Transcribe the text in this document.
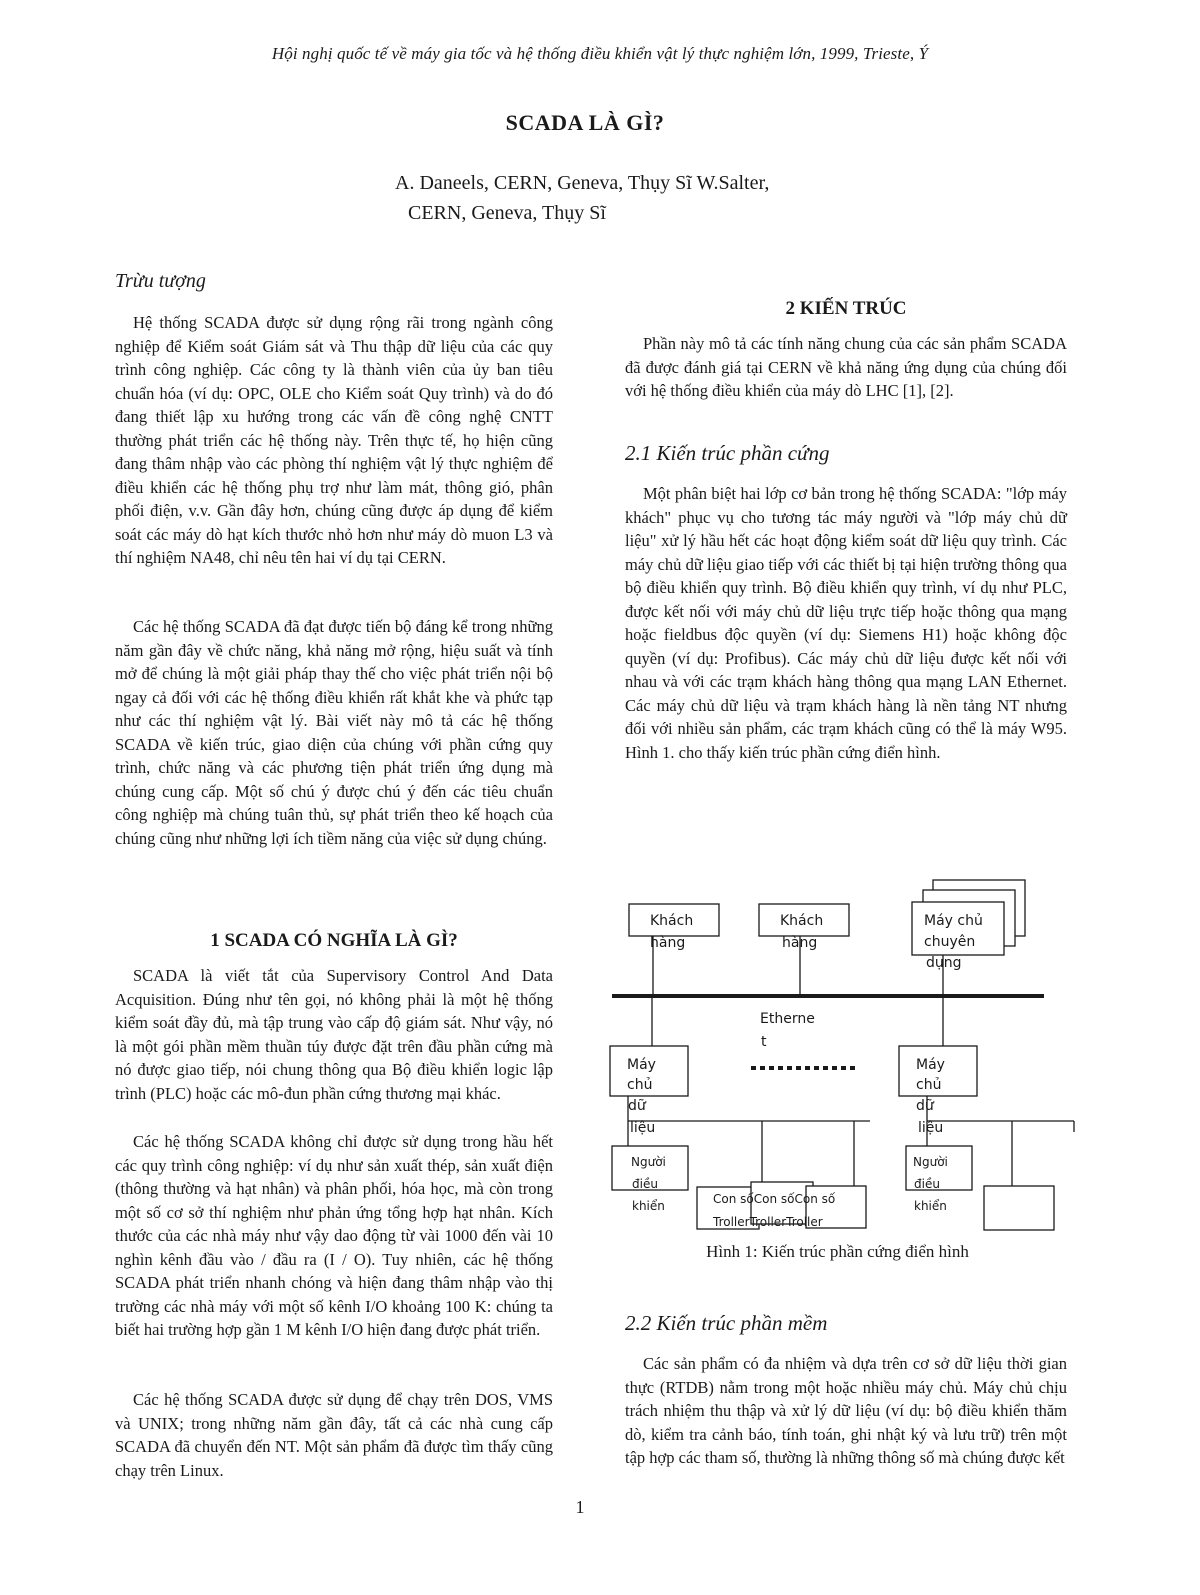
Hội nghị quốc tế về máy gia tốc và hệ thống điều khiển vật lý thực nghiệm lớn, 1999, Trieste, Ý
SCADA LÀ GÌ?
A. Daneels, CERN, Geneva, Thụy Sĩ W.Salter,
CERN, Geneva, Thụy Sĩ
Trừu tượng

Hệ thống SCADA được sử dụng rộng rãi trong ngành công nghiệp để Kiểm soát Giám sát và Thu thập dữ liệu của các quy trình công nghiệp. Các công ty là thành viên của ủy ban tiêu chuẩn hóa (ví dụ: OPC, OLE cho Kiểm soát Quy trình) và do đó đang thiết lập xu hướng trong các vấn đề công nghệ CNTT thường phát triển các hệ thống này. Trên thực tế, họ hiện cũng đang thâm nhập vào các phòng thí nghiệm vật lý thực nghiệm để điều khiển các hệ thống phụ trợ như làm mát, thông gió, phân phối điện, v.v. Gần đây hơn, chúng cũng được áp dụng để kiểm soát các máy dò hạt kích thước nhỏ hơn như máy dò muon L3 và thí nghiệm NA48, chỉ nêu tên hai ví dụ tại CERN.

Các hệ thống SCADA đã đạt được tiến bộ đáng kể trong những năm gần đây về chức năng, khả năng mở rộng, hiệu suất và tính mở để chúng là một giải pháp thay thế cho việc phát triển nội bộ ngay cả đối với các hệ thống điều khiển rất khắt khe và phức tạp như các thí nghiệm vật lý. Bài viết này mô tả các hệ thống SCADA về kiến trúc, giao diện của chúng với phần cứng quy trình, chức năng và các phương tiện phát triển ứng dụng mà chúng cung cấp. Một số chú ý được chú ý đến các tiêu chuẩn công nghiệp mà chúng tuân thủ, sự phát triển theo kế hoạch của chúng cũng như những lợi ích tiềm năng của việc sử dụng chúng.

1 SCADA CÓ NGHĨA LÀ GÌ?

SCADA là viết tắt của Supervisory Control And Data Acquisition. Đúng như tên gọi, nó không phải là một hệ thống kiểm soát đầy đủ, mà tập trung vào cấp độ giám sát. Như vậy, nó là một gói phần mềm thuần túy được đặt trên đầu phần cứng mà nó được giao tiếp, nói chung thông qua Bộ điều khiển logic lập trình (PLC) hoặc các mô-đun phần cứng thương mại khác.

Các hệ thống SCADA không chỉ được sử dụng trong hầu hết các quy trình công nghiệp: ví dụ như sản xuất thép, sản xuất điện (thông thường và hạt nhân) và phân phối, hóa học, mà còn trong một số cơ sở thí nghiệm như phản ứng tổng hợp hạt nhân. Kích thước của các nhà máy như vậy dao động từ vài 1000 đến vài 10 nghìn kênh đầu vào / đầu ra (I / O). Tuy nhiên, các hệ thống SCADA phát triển nhanh chóng và hiện đang thâm nhập vào thị trường các nhà máy với một số kênh I/O khoảng 100 K: chúng ta biết hai trường hợp gần 1 M kênh I/O hiện đang được phát triển.

Các hệ thống SCADA được sử dụng để chạy trên DOS, VMS và UNIX; trong những năm gần đây, tất cả các nhà cung cấp SCADA đã chuyển đến NT. Một sản phẩm đã được tìm thấy cũng chạy trên Linux.

2 KIẾN TRÚC

Phần này mô tả các tính năng chung của các sản phẩm SCADA đã được đánh giá tại CERN về khả năng ứng dụng của chúng đối với hệ thống điều khiển của máy dò LHC [1], [2].

2.1 Kiến trúc phần cứng

Một phân biệt hai lớp cơ bản trong hệ thống SCADA: "lớp máy khách" phục vụ cho tương tác máy người và "lớp máy chủ dữ liệu" xử lý hầu hết các hoạt động kiểm soát dữ liệu quy trình. Các máy chủ dữ liệu giao tiếp với các thiết bị tại hiện trường thông qua bộ điều khiển quy trình. Bộ điều khiển quy trình, ví dụ như PLC, được kết nối với máy chủ dữ liệu trực tiếp hoặc thông qua mạng hoặc fieldbus độc quyền (ví dụ: Siemens H1) hoặc không độc quyền (ví dụ: Profibus). Các máy chủ dữ liệu được kết nối với nhau và với các trạm khách hàng thông qua mạng LAN Ethernet. Các máy chủ dữ liệu và trạm khách hàng là nền tảng NT nhưng đối với nhiều sản phẩm, các trạm khách cũng có thể là máy W95. Hình 1. cho thấy kiến trúc phần cứng điển hình.

Khách
hàng
Khách
hàng
Máy chủ
chuyên
dụng
Etherne
t
Máy
chủ
dữ
liệu
Máy
chủ
dữ
liệu
Người
điều
khiển
Người
điều
khiển
Con sốCon sốCon số
TrollerTrollerTroller
Hình 1: Kiến trúc phần cứng điển hình
2.2 Kiến trúc phần mềm

Các sản phẩm có đa nhiệm và dựa trên cơ sở dữ liệu thời gian thực (RTDB) nằm trong một hoặc nhiều máy chủ. Máy chủ chịu trách nhiệm thu thập và xử lý dữ liệu (ví dụ: bộ điều khiển thăm dò, kiểm tra cảnh báo, tính toán, ghi nhật ký và lưu trữ) trên một tập hợp các tham số, thường là những thông số mà chúng được kết

1
